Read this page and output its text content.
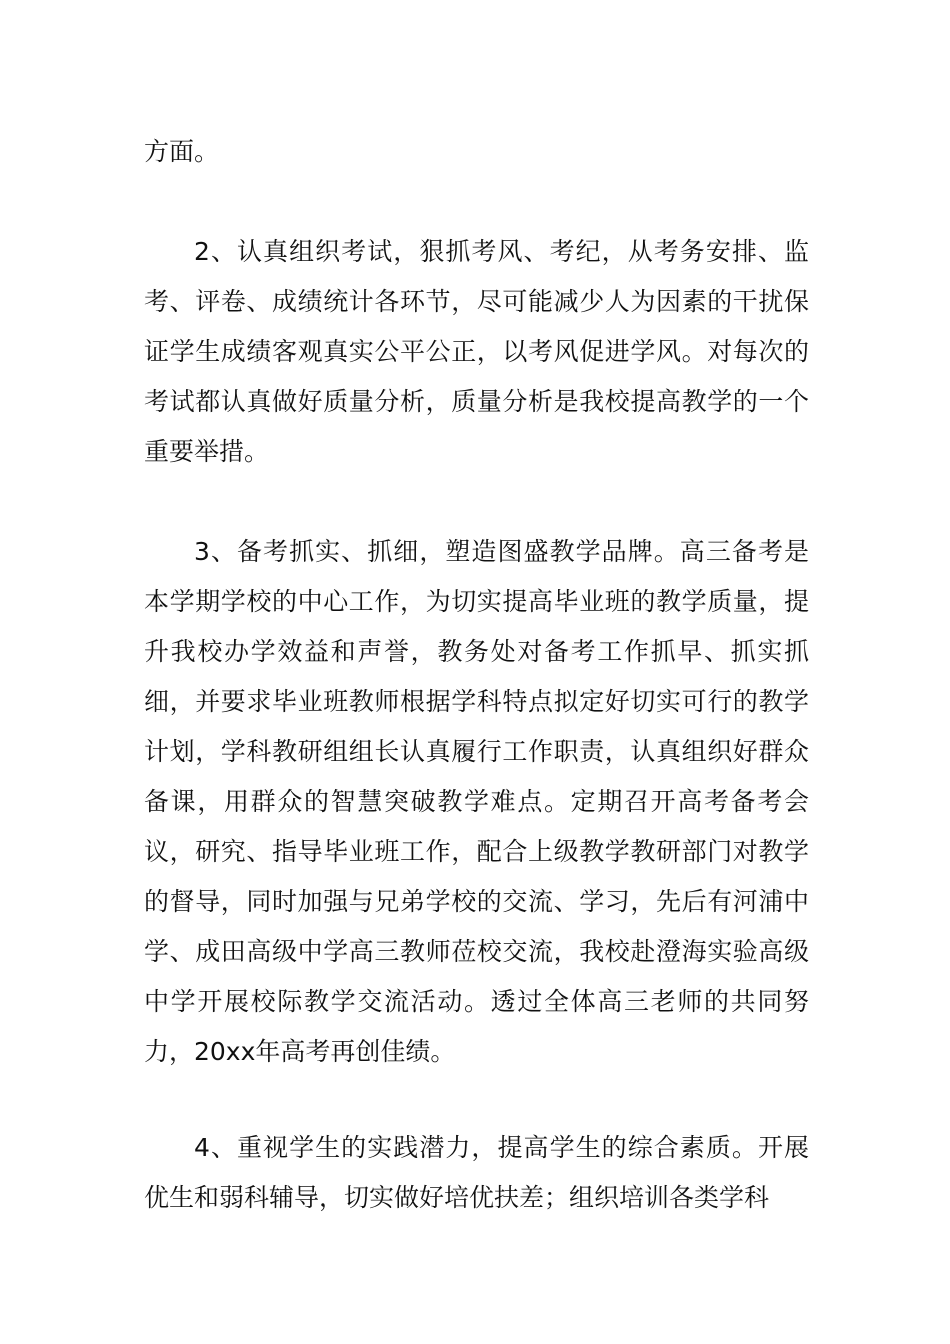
方面。

2、认真组织考试，狠抓考风、考纪，从考务安排、监考、评卷、成绩统计各环节，尽可能减少人为因素的干扰保证学生成绩客观真实公平公正，以考风促进学风。对每次的考试都认真做好质量分析，质量分析是我校提高教学的一个重要举措。

3、备考抓实、抓细，塑造图盛教学品牌。高三备考是本学期学校的中心工作，为切实提高毕业班的教学质量，提升我校办学效益和声誉，教务处对备考工作抓早、抓实抓细，并要求毕业班教师根据学科特点拟定好切实可行的教学计划，学科教研组组长认真履行工作职责，认真组织好群众备课，用群众的智慧突破教学难点。定期召开高考备考会议，研究、指导毕业班工作，配合上级教学教研部门对教学的督导，同时加强与兄弟学校的交流、学习，先后有河浦中学、成田高级中学高三教师莅校交流，我校赴澄海实验高级中学开展校际教学交流活动。透过全体高三老师的共同努力，20xx年高考再创佳绩。

4、重视学生的实践潜力，提高学生的综合素质。开展优生和弱科辅导，切实做好培优扶差；组织培训各类学科
